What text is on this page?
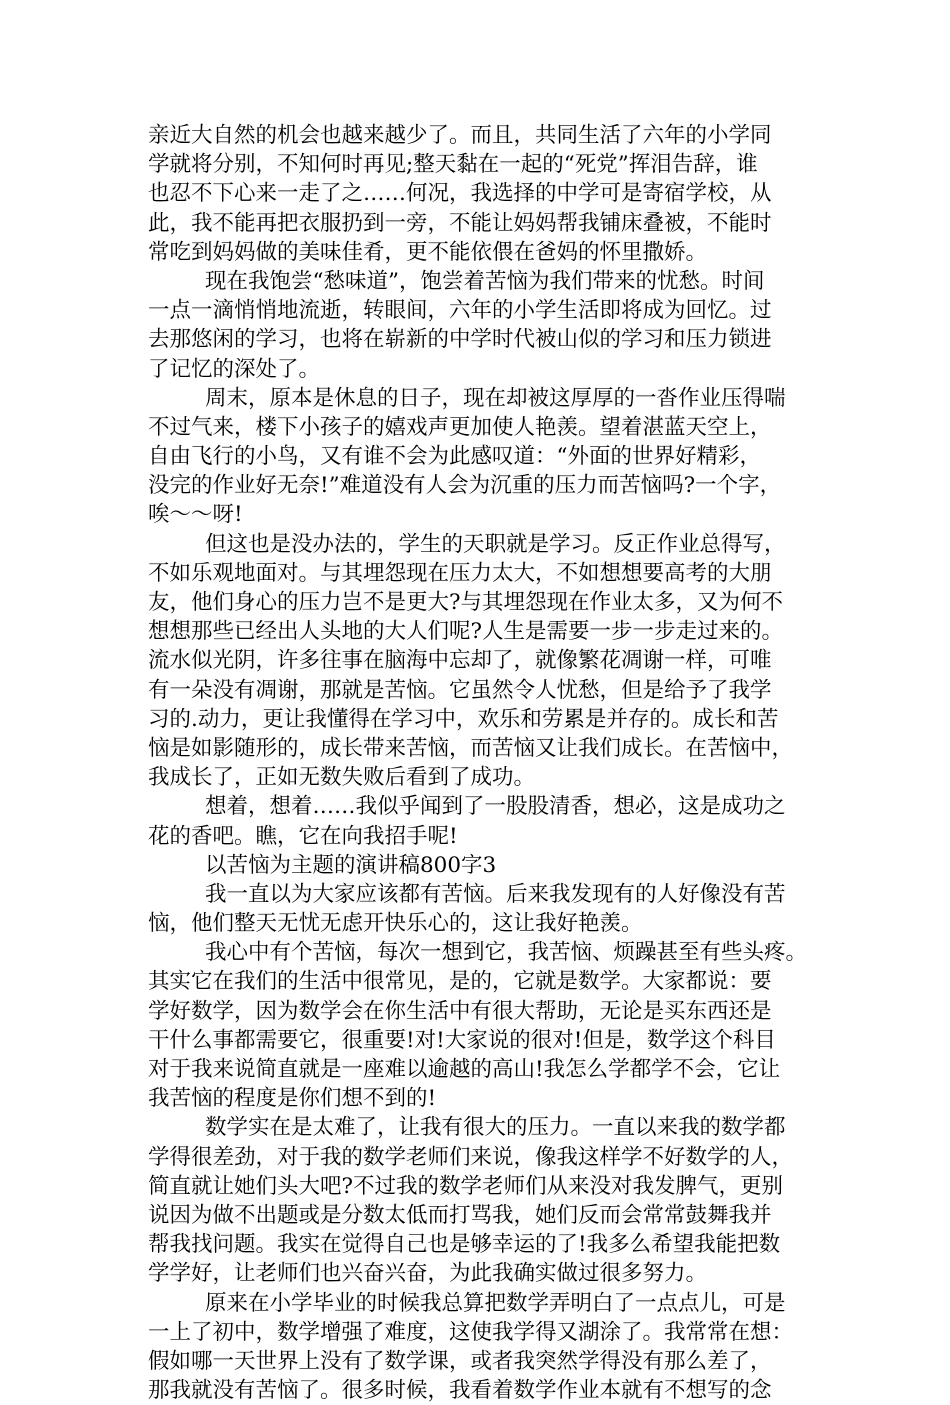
亲近大自然的机会也越来越少了。而且，共同生活了六年的小学同
学就将分别，不知何时再见;整天黏在一起的“死党”挥泪告辞，谁
也忍不下心来一走了之……何况，我选择的中学可是寄宿学校，从
此，我不能再把衣服扔到一旁，不能让妈妈帮我铺床叠被，不能时
常吃到妈妈做的美味佳肴，更不能依偎在爸妈的怀里撒娇。
现在我饱尝“愁味道”，饱尝着苦恼为我们带来的忧愁。时间
一点一滴悄悄地流逝，转眼间，六年的小学生活即将成为回忆。过
去那悠闲的学习，也将在崭新的中学时代被山似的学习和压力锁进
了记忆的深处了。
周末，原本是休息的日子，现在却被这厚厚的一沓作业压得喘
不过气来，楼下小孩子的嬉戏声更加使人艳羡。望着湛蓝天空上，
自由飞行的小鸟，又有谁不会为此感叹道：“外面的世界好精彩，
没完的作业好无奈!”难道没有人会为沉重的压力而苦恼吗?一个字，
唉～～呀!
但这也是没办法的，学生的天职就是学习。反正作业总得写，
不如乐观地面对。与其埋怨现在压力太大，不如想想要高考的大朋
友，他们身心的压力岂不是更大?与其埋怨现在作业太多，又为何不
想想那些已经出人头地的大人们呢?人生是需要一步一步走过来的。
流水似光阴，许多往事在脑海中忘却了，就像繁花凋谢一样，可唯
有一朵没有凋谢，那就是苦恼。它虽然令人忧愁，但是给予了我学
习的.动力，更让我懂得在学习中，欢乐和劳累是并存的。成长和苦
恼是如影随形的，成长带来苦恼，而苦恼又让我们成长。在苦恼中，
我成长了，正如无数失败后看到了成功。
想着，想着……我似乎闻到了一股股清香，想必，这是成功之
花的香吧。瞧，它在向我招手呢!
以苦恼为主题的演讲稿800字3
我一直以为大家应该都有苦恼。后来我发现有的人好像没有苦
恼，他们整天无忧无虑开快乐心的，这让我好艳羡。
我心中有个苦恼，每次一想到它，我苦恼、烦躁甚至有些头疼。
其实它在我们的生活中很常见，是的，它就是数学。大家都说：要
学好数学，因为数学会在你生活中有很大帮助，无论是买东西还是
干什么事都需要它，很重要!对!大家说的很对!但是，数学这个科目
对于我来说简直就是一座难以逾越的高山!我怎么学都学不会，它让
我苦恼的程度是你们想不到的!
数学实在是太难了，让我有很大的压力。一直以来我的数学都
学得很差劲，对于我的数学老师们来说，像我这样学不好数学的人，
简直就让她们头大吧?不过我的数学老师们从来没对我发脾气，更别
说因为做不出题或是分数太低而打骂我，她们反而会常常鼓舞我并
帮我找问题。我实在觉得自己也是够幸运的了!我多么希望我能把数
学学好，让老师们也兴奋兴奋，为此我确实做过很多努力。
原来在小学毕业的时候我总算把数学弄明白了一点点儿，可是
一上了初中，数学增强了难度，这使我学得又湖涂了。我常常在想：
假如哪一天世界上没有了数学课，或者我突然学得没有那么差了，
那我就没有苦恼了。很多时候，我看着数学作业本就有不想写的念
